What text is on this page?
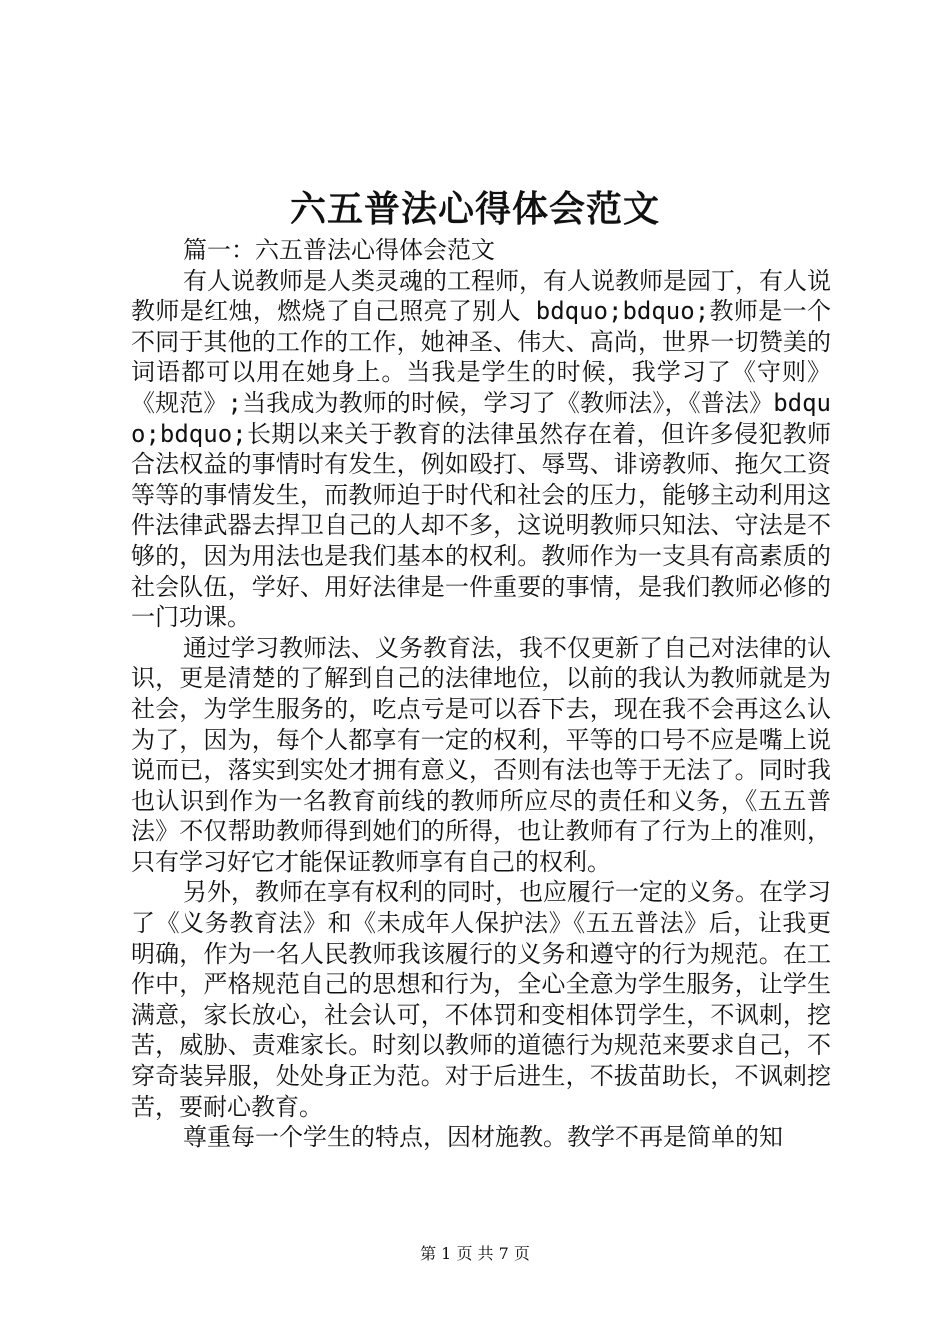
六五普法心得体会范文

篇一：六五普法心得体会范文

有人说教师是人类灵魂的工程师，有人说教师是园丁，有人说教师是红烛，燃烧了自己照亮了别人 bdquo;bdquo;教师是一个不同于其他的工作的工作，她神圣、伟大、高尚，世界一切赞美的词语都可以用在她身上。当我是学生的时候，我学习了《守则》《规范》;当我成为教师的时候，学习了《教师法》，《普法》bdquo;bdquo;长期以来关于教育的法律虽然存在着，但许多侵犯教师合法权益的事情时有发生，例如殴打、辱骂、诽谤教师、拖欠工资等等的事情发生，而教师迫于时代和社会的压力，能够主动利用这件法律武器去捍卫自己的人却不多，这说明教师只知法、守法是不够的，因为用法也是我们基本的权利。教师作为一支具有高素质的社会队伍，学好、用好法律是一件重要的事情，是我们教师必修的一门功课。

通过学习教师法、义务教育法，我不仅更新了自己对法律的认识，更是清楚的了解到自己的法律地位，以前的我认为教师就是为社会，为学生服务的，吃点亏是可以吞下去，现在我不会再这么认为了，因为，每个人都享有一定的权利，平等的口号不应是嘴上说说而已，落实到实处才拥有意义，否则有法也等于无法了。同时我也认识到作为一名教育前线的教师所应尽的责任和义务，《五五普法》不仅帮助教师得到她们的所得，也让教师有了行为上的准则，只有学习好它才能保证教师享有自己的权利。

另外，教师在享有权利的同时，也应履行一定的义务。在学习了《义务教育法》和《未成年人保护法》《五五普法》后，让我更明确，作为一名人民教师我该履行的义务和遵守的行为规范。在工作中，严格规范自己的思想和行为，全心全意为学生服务，让学生满意，家长放心，社会认可，不体罚和变相体罚学生，不讽刺，挖苦，威胁、责难家长。时刻以教师的道德行为规范来要求自己，不穿奇装异服，处处身正为范。对于后进生，不拔苗助长，不讽刺挖苦，要耐心教育。

尊重每一个学生的特点，因材施教。教学不再是简单的知

第 1 页 共 7 页
